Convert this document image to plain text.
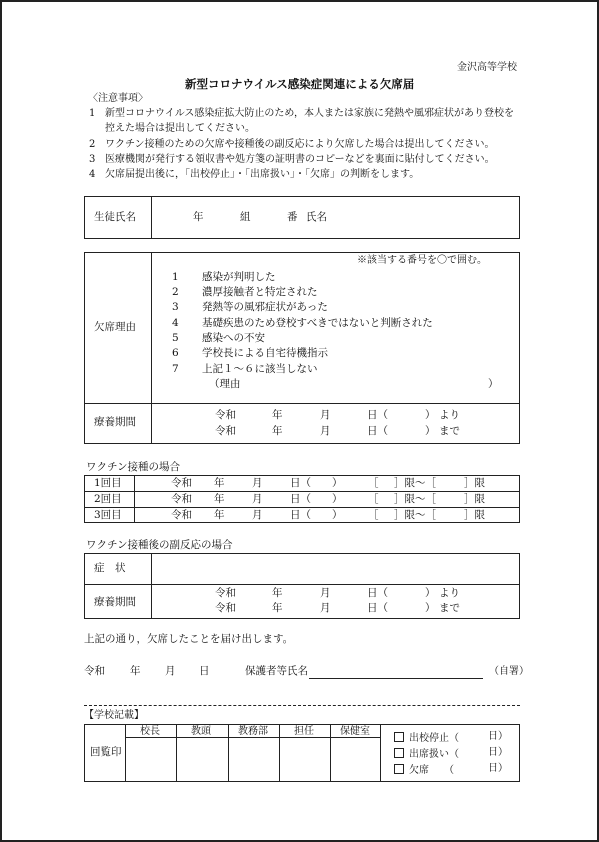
金沢高等学校
新型コロナウイルス感染症関連による欠席届
〈注意事項〉
1 新型コロナウイルス感染症拡大防止のため，本人または家族に発熱や風邪症状があり登校を
控えた場合は提出してください。
2 ワクチン接種のための欠席や接種後の副反応により欠席した場合は提出してください。
3 医療機関が発行する領収書や処方箋の証明書のコピーなどを裏面に貼付してください。
4 欠席届提出後に，「出校停止」・「出席扱い」・「欠席」の判断をします。
生徒氏名	年	組	番 氏名
欠席理由
※該当する番号を〇で囲む。
1 感染が判明した
2 濃厚接触者と特定された
3 発熱等の風邪症状があった
4 基礎疾患のため登校すべきではないと判断された
5 感染への不安
6 学校長による自宅待機指示
7 上記１～６に該当しない
（理由	）
療養期間
令和	年	月	日（	） より
令和	年	月	日（	） まで
ワクチン接種の場合
1回目	令和 年	月	日（ ） ［ ］限～［	］限
2回目	令和 年	月	日（ ） ［ ］限～［	］限
3回目	令和 年	月	日（ ） ［ ］限～［	］限
ワクチン接種後の副反応の場合
症　状
療養期間
令和	年	月	日（	） より
令和	年	月	日（	） まで
上記の通り，欠席したことを届け出します。
令和 年 月 日	保護者等氏名	（自署）
【学校記載】
回覧印
校長	教頭	教務部	担任	保健室
出校停止（	日）
出席扱い（	日）
欠席　　（	日）
